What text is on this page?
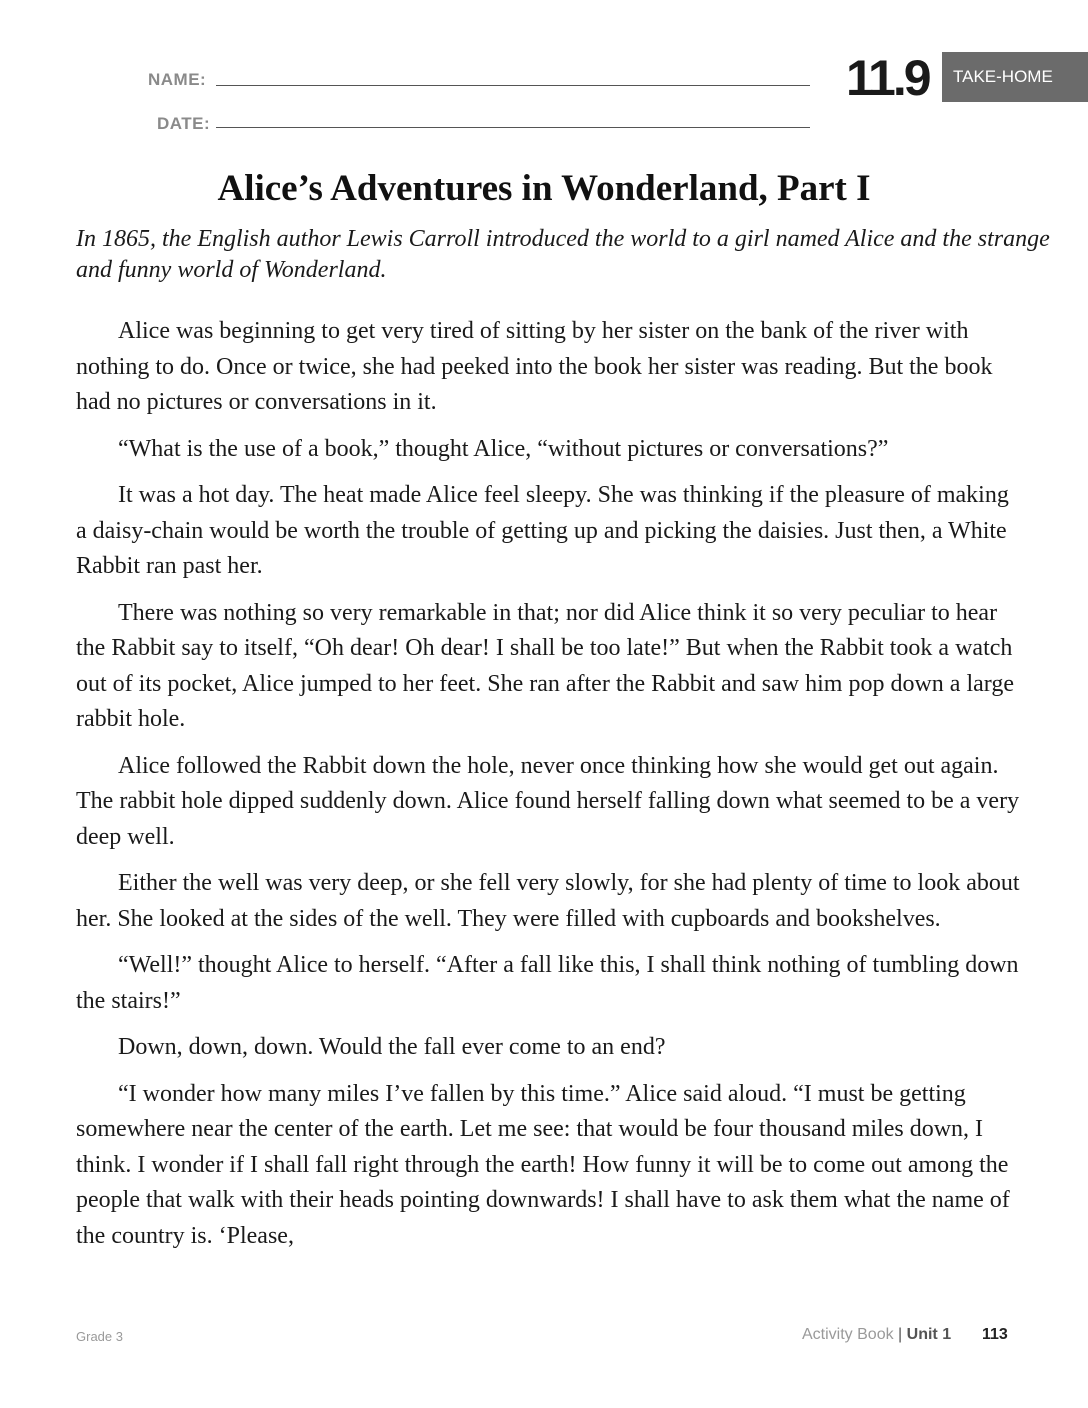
NAME:
DATE:
11.9 TAKE-HOME
Alice’s Adventures in Wonderland, Part I

In 1865, the English author Lewis Carroll introduced the world to a girl named Alice and the strange and funny world of Wonderland.

Alice was beginning to get very tired of sitting by her sister on the bank of the river with nothing to do. Once or twice, she had peeked into the book her sister was reading. But the book had no pictures or conversations in it.

“What is the use of a book,” thought Alice, “without pictures or conversations?”

It was a hot day. The heat made Alice feel sleepy. She was thinking if the pleasure of making a daisy-chain would be worth the trouble of getting up and picking the daisies. Just then, a White Rabbit ran past her.

There was nothing so very remarkable in that; nor did Alice think it so very peculiar to hear the Rabbit say to itself, “Oh dear! Oh dear! I shall be too late!” But when the Rabbit took a watch out of its pocket, Alice jumped to her feet. She ran after the Rabbit and saw him pop down a large rabbit hole.

Alice followed the Rabbit down the hole, never once thinking how she would get out again. The rabbit hole dipped suddenly down. Alice found herself falling down what seemed to be a very deep well.

Either the well was very deep, or she fell very slowly, for she had plenty of time to look about her. She looked at the sides of the well. They were filled with cupboards and bookshelves.

“Well!” thought Alice to herself. “After a fall like this, I shall think nothing of tumbling down the stairs!”

Down, down, down. Would the fall ever come to an end?

“I wonder how many miles I’ve fallen by this time.” Alice said aloud. “I must be getting somewhere near the center of the earth. Let me see: that would be four thousand miles down, I think. I wonder if I shall fall right through the earth! How funny it will be to come out among the people that walk with their heads pointing downwards! I shall have to ask them what the name of the country is. ‘Please,

Grade 3	Activity Book | Unit 1 113
